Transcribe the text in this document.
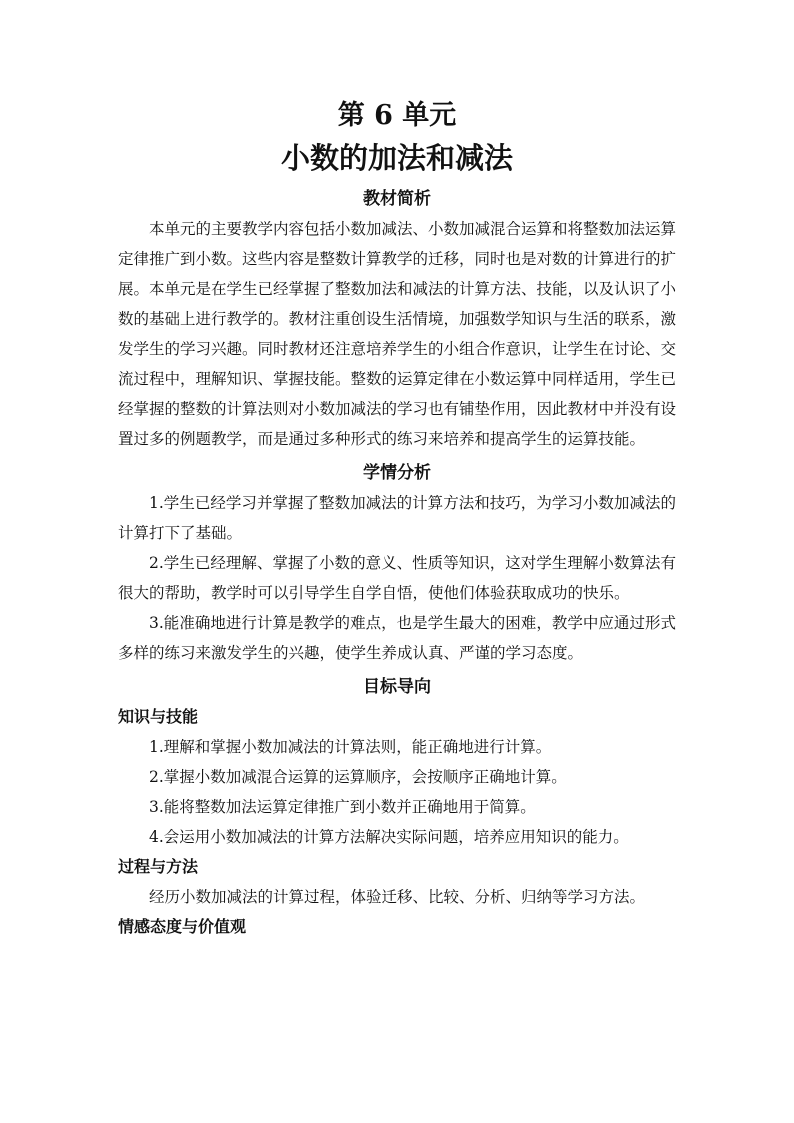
第 6 单元
小数的加法和减法
教材简析

本单元的主要教学内容包括小数加减法、小数加减混合运算和将整数加法运算定律推广到小数。这些内容是整数计算教学的迁移，同时也是对数的计算进行的扩展。本单元是在学生已经掌握了整数加法和减法的计算方法、技能，以及认识了小数的基础上进行教学的。教材注重创设生活情境，加强数学知识与生活的联系，激发学生的学习兴趣。同时教材还注意培养学生的小组合作意识，让学生在讨论、交流过程中，理解知识、掌握技能。整数的运算定律在小数运算中同样适用，学生已经掌握的整数的计算法则对小数加减法的学习也有铺垫作用，因此教材中并没有设置过多的例题教学，而是通过多种形式的练习来培养和提高学生的运算技能。

学情分析

1.学生已经学习并掌握了整数加减法的计算方法和技巧，为学习小数加减法的计算打下了基础。

2.学生已经理解、掌握了小数的意义、性质等知识，这对学生理解小数算法有很大的帮助，教学时可以引导学生自学自悟，使他们体验获取成功的快乐。

3.能准确地进行计算是教学的难点，也是学生最大的困难，教学中应通过形式多样的练习来激发学生的兴趣，使学生养成认真、严谨的学习态度。

目标导向
知识与技能

1.理解和掌握小数加减法的计算法则，能正确地进行计算。

2.掌握小数加减混合运算的运算顺序，会按顺序正确地计算。

3.能将整数加法运算定律推广到小数并正确地用于简算。

4.会运用小数加减法的计算方法解决实际问题，培养应用知识的能力。

过程与方法

经历小数加减法的计算过程，体验迁移、比较、分析、归纳等学习方法。

情感态度与价值观
